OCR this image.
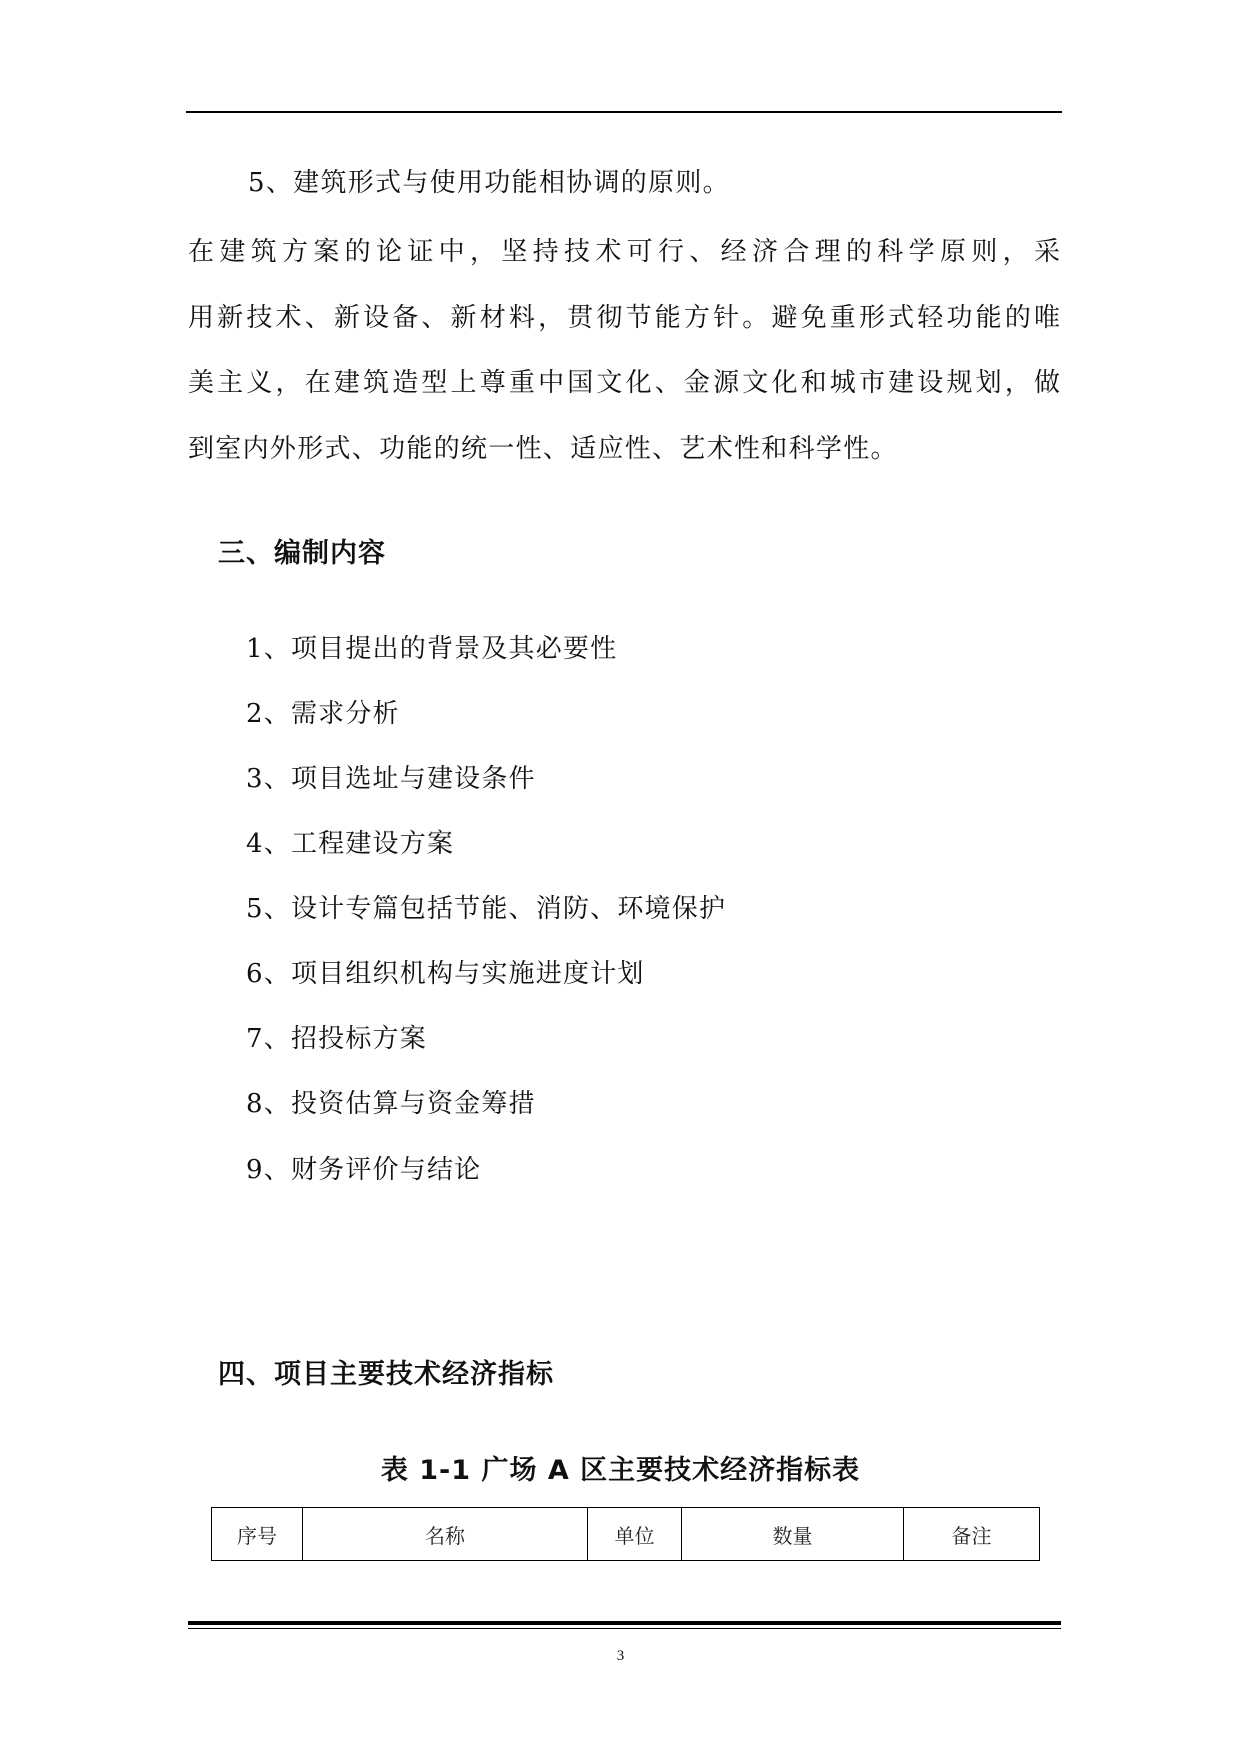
5、建筑形式与使用功能相协调的原则。
在建筑方案的论证中，坚持技术可行、经济合理的科学原则，采
用新技术、新设备、新材料，贯彻节能方针。避免重形式轻功能的唯
美主义，在建筑造型上尊重中国文化、金源文化和城市建设规划，做
到室内外形式、功能的统一性、适应性、艺术性和科学性。
三、编制内容
1、项目提出的背景及其必要性
2、需求分析
3、项目选址与建设条件
4、工程建设方案
5、设计专篇包括节能、消防、环境保护
6、项目组织机构与实施进度计划
7、招投标方案
8、投资估算与资金筹措
9、财务评价与结论
四、项目主要技术经济指标
表 1-1 广场 A 区主要技术经济指标表
序号	名称	单位	数量	备注
3
